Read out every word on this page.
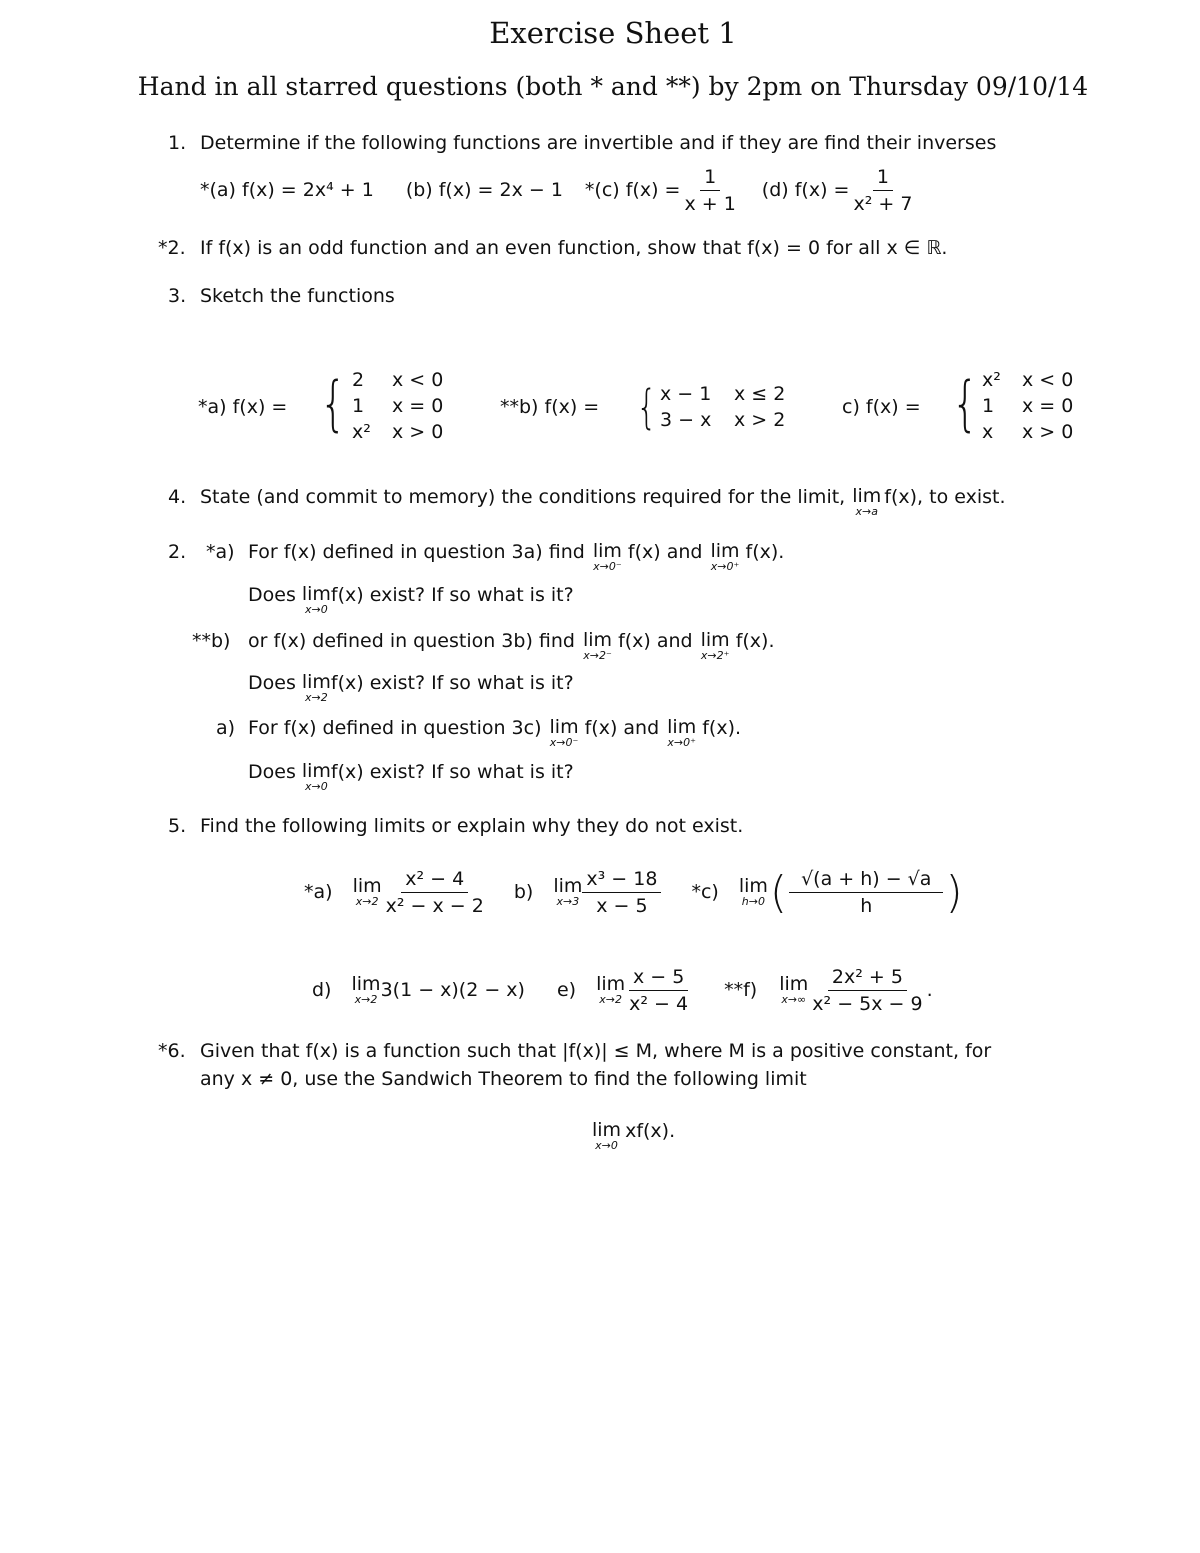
Exercise Sheet 1
Hand in all starred questions (both * and **) by 2pm on Thursday 09/10/14
1. Determine if the following functions are invertible and if they are find their inverses
*(a) f(x) = 2x⁴ + 1 (b) f(x) = 2x − 1 *(c) $f(x) = \frac{1}{x + 1} (d) f(x) = \frac{1}{\text{x² + 7}}$
*2. If f(x) is an odd function and an even function, show that f(x) = 0 for all x ∈ ℝ.
3. Sketch the functions
*a) f(x) = { 2 x < 0
1 x = 0
x² x > 0
**b) f(x) = { x − 1 x ≤ 2
3 − x x > 2
c) f(x) = { x² x < 0
1 x = 0
x x > 0
4. State (and commit to memory) the conditions required for the limit, lim
x→a
f(x), to exist.
2. *a) For f(x) defined in question 3a) find lim
x→0⁻
f(x) and lim
x→0⁺
f(x).
Does lim
x→0
f(x) exist? If so what is it?
**b) or f(x) defined in question 3b) find lim
x→2⁻
f(x) and lim
x→2⁺
f(x).
Does lim
x→2
f(x) exist? If so what is it?
a) For f(x) defined in question 3c) lim
x→0⁻
f(x) and lim
x→0⁺
f(x).
Does lim
x→0
f(x) exist? If so what is it?
5. Find the following limits or explain why they do not exist.
*a) lim
$x\to 2 \frac{\text{x² − 4}}{\text{x² − x − 2}} b$) lim
$x\to 3 \frac{\text{x³ − 18}}{x - 5} *c$) lim
h→0 ( $\frac{√(a + h) - √a}{h}$ )
d) lim
x→2 3(1 − x)(2 − x) e) lim
$x\to 2 \frac{x - 5}{\text{x² − 4}} **f$) lim
$x\to\infty \frac{\text{2x² + 5}}{\text{x² − 5x − 9}}$ .
*6. Given that f(x) is a function such that |f(x)| ≤ M, where M is a positive constant, for
any x ≠ 0, use the Sandwich Theorem to find the following limit
lim
x→0
xf(x).
